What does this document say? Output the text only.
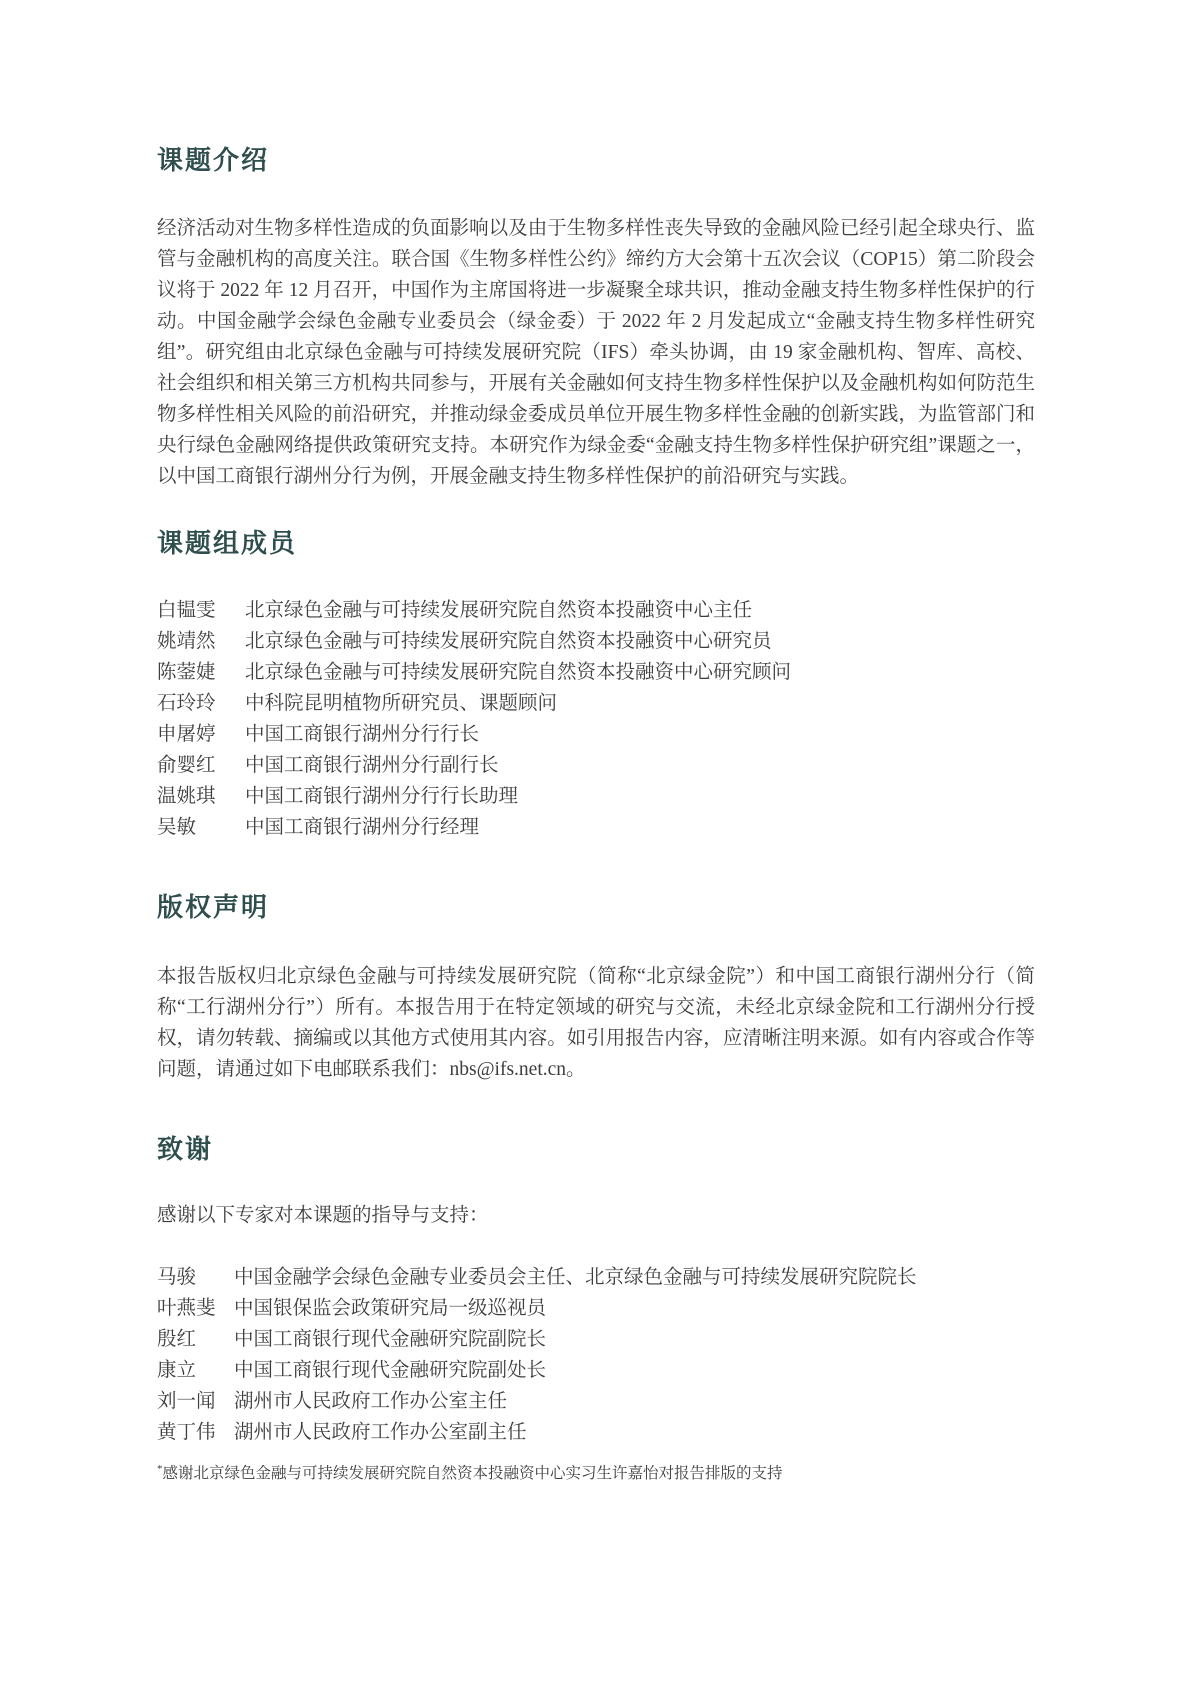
课题介绍

经济活动对生物多样性造成的负面影响以及由于生物多样性丧失导致的金融风险已经引起全球央行、监管与金融机构的高度关注。联合国《生物多样性公约》缔约方大会第十五次会议（COP15）第二阶段会议将于 2022 年 12 月召开，中国作为主席国将进一步凝聚全球共识，推动金融支持生物多样性保护的行动。中国金融学会绿色金融专业委员会（绿金委）于 2022 年 2 月发起成立“金融支持生物多样性研究组”。研究组由北京绿色金融与可持续发展研究院（IFS）牵头协调，由 19 家金融机构、智库、高校、社会组织和相关第三方机构共同参与，开展有关金融如何支持生物多样性保护以及金融机构如何防范生物多样性相关风险的前沿研究，并推动绿金委成员单位开展生物多样性金融的创新实践，为监管部门和央行绿色金融网络提供政策研究支持。本研究作为绿金委“金融支持生物多样性保护研究组”课题之一，以中国工商银行湖州分行为例，开展金融支持生物多样性保护的前沿研究与实践。

课题组成员
白韫雯	北京绿色金融与可持续发展研究院自然资本投融资中心主任
姚靖然	北京绿色金融与可持续发展研究院自然资本投融资中心研究员
陈蓥婕	北京绿色金融与可持续发展研究院自然资本投融资中心研究顾问
石玲玲	中科院昆明植物所研究员、课题顾问
申屠婷	中国工商银行湖州分行行长
俞婴红	中国工商银行湖州分行副行长
温姚琪	中国工商银行湖州分行行长助理
吴敏	中国工商银行湖州分行经理
版权声明

本报告版权归北京绿色金融与可持续发展研究院（简称“北京绿金院”）和中国工商银行湖州分行（简称“工行湖州分行”）所有。本报告用于在特定领域的研究与交流，未经北京绿金院和工行湖州分行授权，请勿转载、摘编或以其他方式使用其内容。如引用报告内容，应清晰注明来源。如有内容或合作等问题，请通过如下电邮联系我们：nbs@ifs.net.cn。

致谢

感谢以下专家对本课题的指导与支持：

马骏	中国金融学会绿色金融专业委员会主任、北京绿色金融与可持续发展研究院院长
叶燕斐 中国银保监会政策研究局一级巡视员
殷红	中国工商银行现代金融研究院副院长
康立	中国工商银行现代金融研究院副处长
刘一闻 湖州市人民政府工作办公室主任
黄丁伟 湖州市人民政府工作办公室副主任

*感谢北京绿色金融与可持续发展研究院自然资本投融资中心实习生许嘉怡对报告排版的支持
